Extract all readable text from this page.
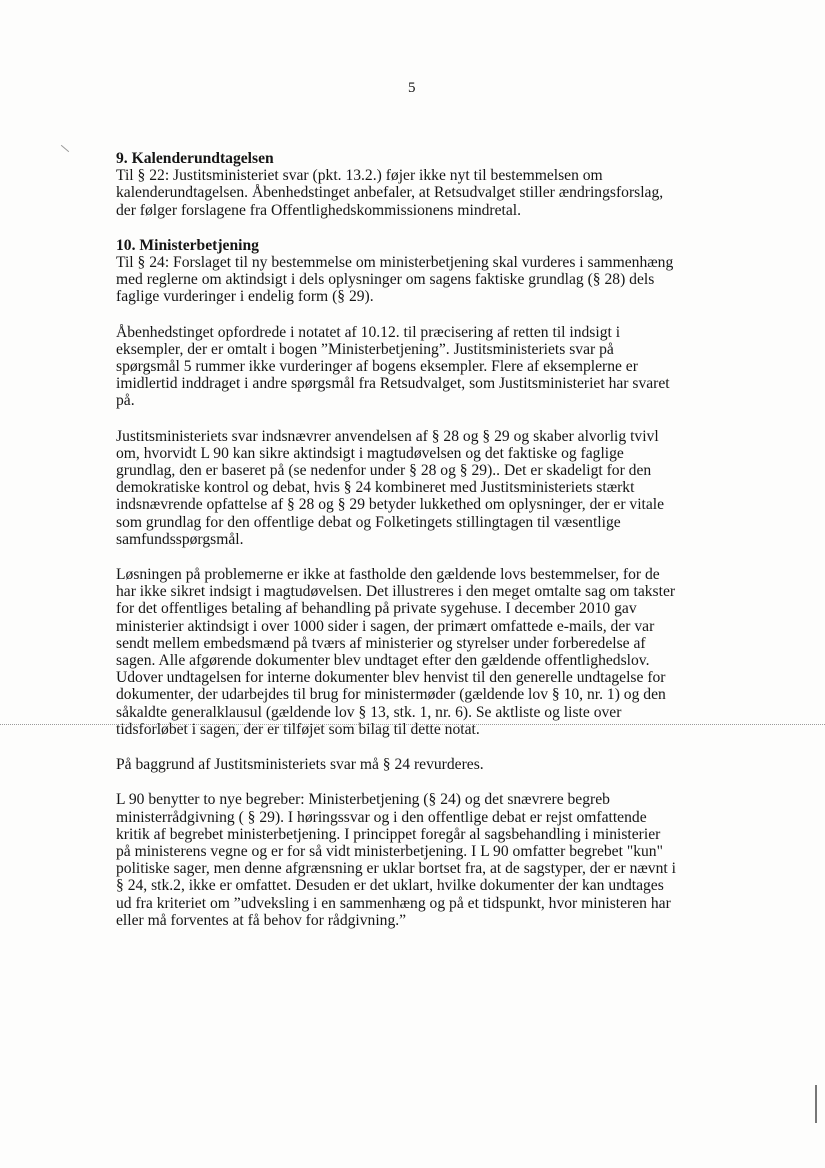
5

9. Kalenderundtagelsen

Til § 22: Justitsministeriet svar (pkt. 13.2.) føjer ikke nyt til bestemmelsen om
kalenderundtagelsen. Åbenhedstinget anbefaler, at Retsudvalget stiller ændringsforslag,
der følger forslagene fra Offentlighedskommissionens mindretal.

10. Ministerbetjening

Til § 24: Forslaget til ny bestemmelse om ministerbetjening skal vurderes i sammenhæng
med reglerne om aktindsigt i dels oplysninger om sagens faktiske grundlag (§ 28) dels
faglige vurderinger i endelig form (§ 29).

Åbenhedstinget opfordrede i notatet af 10.12. til præcisering af retten til indsigt i
eksempler, der er omtalt i bogen ”Ministerbetjening”. Justitsministeriets svar på
spørgsmål 5 rummer ikke vurderinger af bogens eksempler. Flere af eksemplerne er
imidlertid inddraget i andre spørgsmål fra Retsudvalget, som Justitsministeriet har svaret
på.

Justitsministeriets svar indsnævrer anvendelsen af § 28 og § 29 og skaber alvorlig tvivl
om, hvorvidt L 90 kan sikre aktindsigt i magtudøvelsen og det faktiske og faglige
grundlag, den er baseret på (se nedenfor under § 28 og § 29).. Det er skadeligt for den
demokratiske kontrol og debat, hvis § 24 kombineret med Justitsministeriets stærkt
indsnævrende opfattelse af § 28 og § 29 betyder lukkethed om oplysninger, der er vitale
som grundlag for den offentlige debat og Folketingets stillingtagen til væsentlige
samfundsspørgsmål.

Løsningen på problemerne er ikke at fastholde den gældende lovs bestemmelser, for de
har ikke sikret indsigt i magtudøvelsen. Det illustreres i den meget omtalte sag om takster
for det offentliges betaling af behandling på private sygehuse. I december 2010 gav
ministerier aktindsigt i over 1000 sider i sagen, der primært omfattede e-mails, der var
sendt mellem embedsmænd på tværs af ministerier og styrelser under forberedelse af
sagen. Alle afgørende dokumenter blev undtaget efter den gældende offentlighedslov.
Udover undtagelsen for interne dokumenter blev henvist til den generelle undtagelse for
dokumenter, der udarbejdes til brug for ministermøder (gældende lov § 10, nr. 1) og den
såkaldte generalklausul (gældende lov § 13, stk. 1, nr. 6). Se aktliste og liste over
tidsforløbet i sagen, der er tilføjet som bilag til dette notat.

På baggrund af Justitsministeriets svar må § 24 revurderes.

L 90 benytter to nye begreber: Ministerbetjening (§ 24) og det snævrere begreb
ministerrådgivning ( § 29). I høringssvar og i den offentlige debat er rejst omfattende
kritik af begrebet ministerbetjening. I princippet foregår al sagsbehandling i ministerier
på ministerens vegne og er for så vidt ministerbetjening. I L 90 omfatter begrebet "kun"
politiske sager, men denne afgrænsning er uklar bortset fra, at de sagstyper, der er nævnt i
§ 24, stk.2, ikke er omfattet. Desuden er det uklart, hvilke dokumenter der kan undtages
ud fra kriteriet om ”udveksling i en sammenhæng og på et tidspunkt, hvor ministeren har
eller må forventes at få behov for rådgivning.”
